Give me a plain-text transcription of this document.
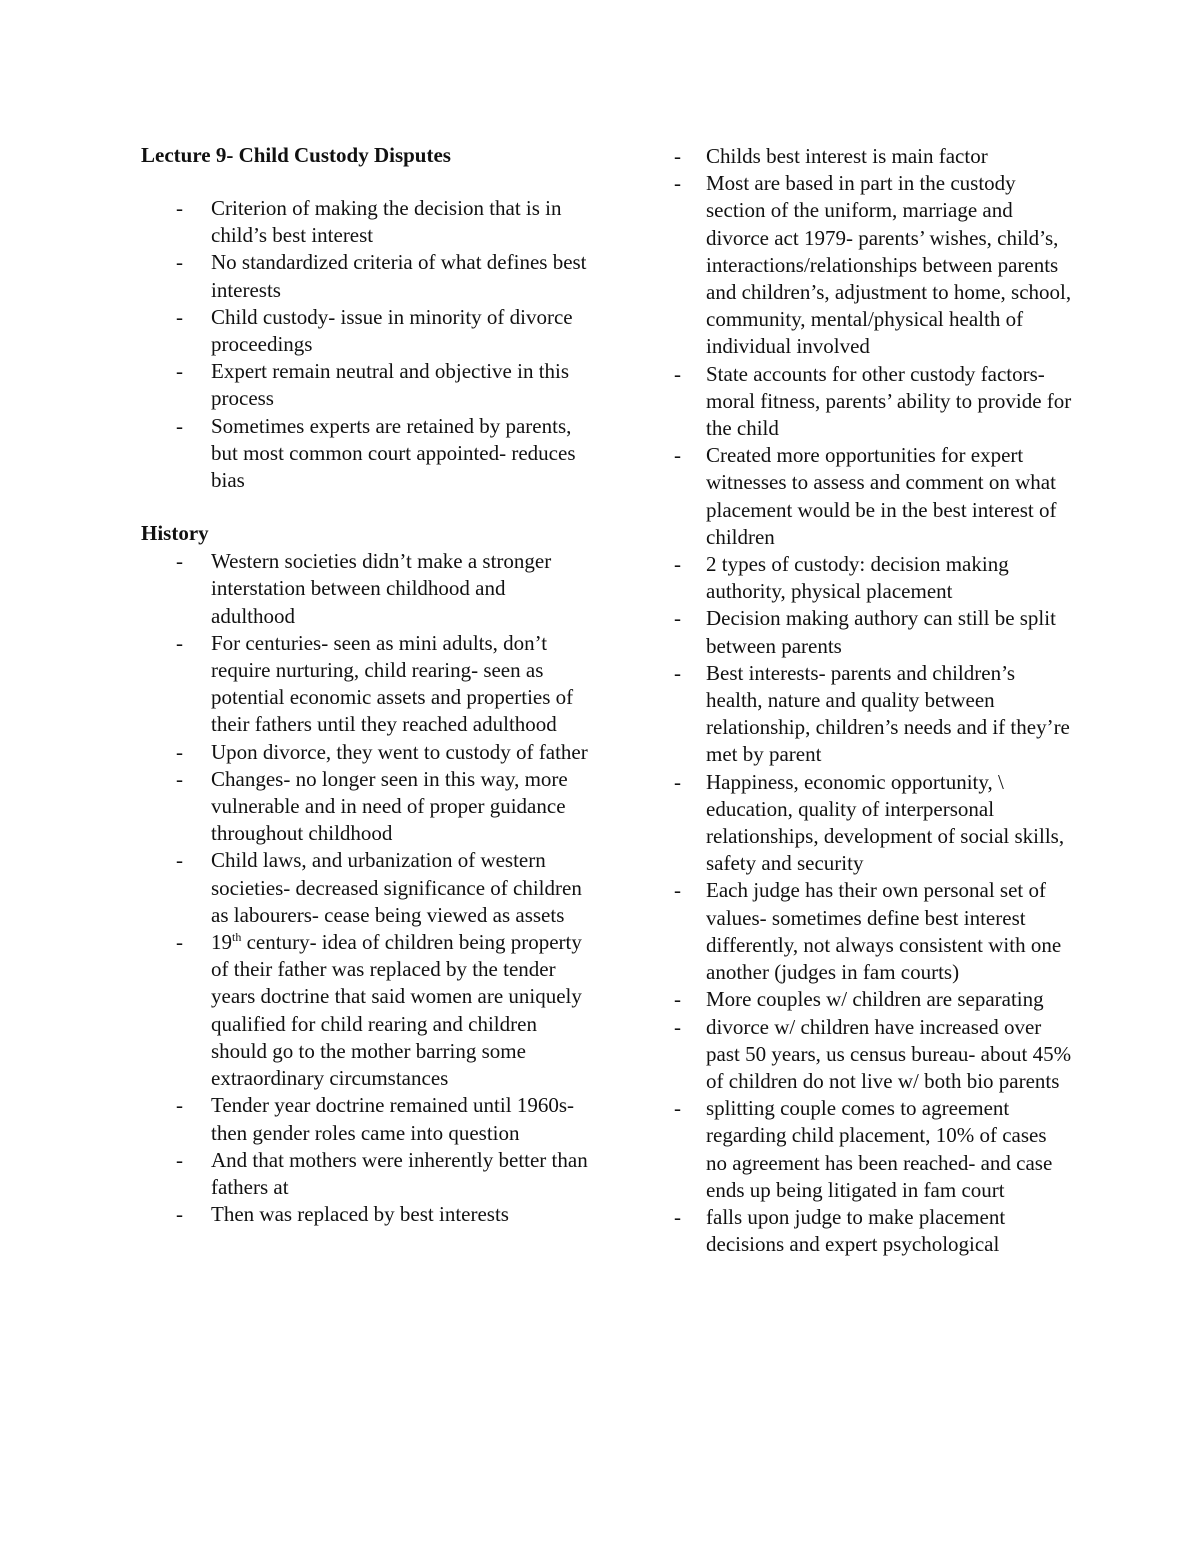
Lecture 9- Child Custody Disputes
- Criterion of making the decision that is in child’s best interest
- No standardized criteria of what defines best interests
- Child custody- issue in minority of divorce proceedings
- Expert remain neutral and objective in this process
- Sometimes experts are retained by parents, but most common court appointed- reduces bias
History
- Western societies didn’t make a stronger interstation between childhood and adulthood
- For centuries- seen as mini adults, don’t require nurturing, child rearing- seen as potential economic assets and properties of their fathers until they reached adulthood
- Upon divorce, they went to custody of father
- Changes- no longer seen in this way, more vulnerable and in need of proper guidance throughout childhood
- Child laws, and urbanization of western societies- decreased significance of children as labourers- cease being viewed as assets
- 19th century- idea of children being property of their father was replaced by the tender years doctrine that said women are uniquely qualified for child rearing and children should go to the mother barring some extraordinary circumstances
- Tender year doctrine remained until 1960s- then gender roles came into question
- And that mothers were inherently better than fathers at
- Then was replaced by best interests
- Childs best interest is main factor
- Most are based in part in the custody section of the uniform, marriage and divorce act 1979- parents’ wishes, child’s, interactions/relationships between parents and children’s, adjustment to home, school, community, mental/physical health of individual involved
- State accounts for other custody factors- moral fitness, parents’ ability to provide for the child
- Created more opportunities for expert witnesses to assess and comment on what placement would be in the best interest of children
- 2 types of custody: decision making authority, physical placement
- Decision making authory can still be split between parents
- Best interests- parents and children’s health, nature and quality between relationship, children’s needs and if they’re met by parent
- Happiness, economic opportunity, \ education, quality of interpersonal relationships, development of social skills, safety and security
- Each judge has their own personal set of values- sometimes define best interest differently, not always consistent with one another (judges in fam courts)
- More couples w/ children are separating
- divorce w/ children have increased over past 50 years, us census bureau- about 45% of children do not live w/ both bio parents
- splitting couple comes to agreement regarding child placement, 10% of cases no agreement has been reached- and case ends up being litigated in fam court
- falls upon judge to make placement decisions and expert psychological
